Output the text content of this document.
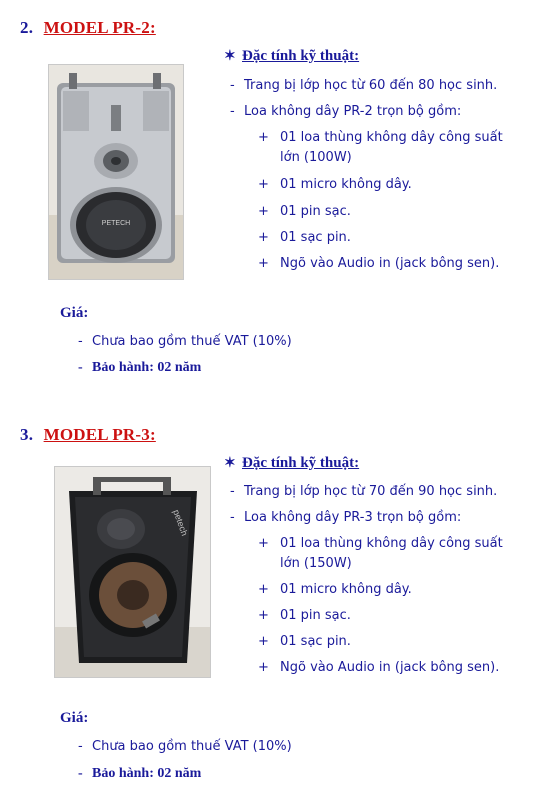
2. MODEL PR-2:
PETECH
✶ Đặc tính kỹ thuật:
- Trang bị lớp học từ 60 đến 80 học sinh.
- Loa không dây PR-2 trọn bộ gồm:
+ 01 loa thùng không dây công suất
lớn (100W)
+ 01 micro không dây.
+ 01 pin sạc.
+ 01 sạc pin.
+ Ngõ vào Audio in (jack bông sen).
Giá:
- Chưa bao gồm thuế VAT (10%)
- Bảo hành: 02 năm
3. MODEL PR-3:
petech
✶ Đặc tính kỹ thuật:
- Trang bị lớp học từ 70 đến 90 học sinh.
- Loa không dây PR-3 trọn bộ gồm:
+ 01 loa thùng không dây công suất
lớn (150W)
+ 01 micro không dây.
+ 01 pin sạc.
+ 01 sạc pin.
+ Ngõ vào Audio in (jack bông sen).
Giá:
- Chưa bao gồm thuế VAT (10%)
- Bảo hành: 02 năm
